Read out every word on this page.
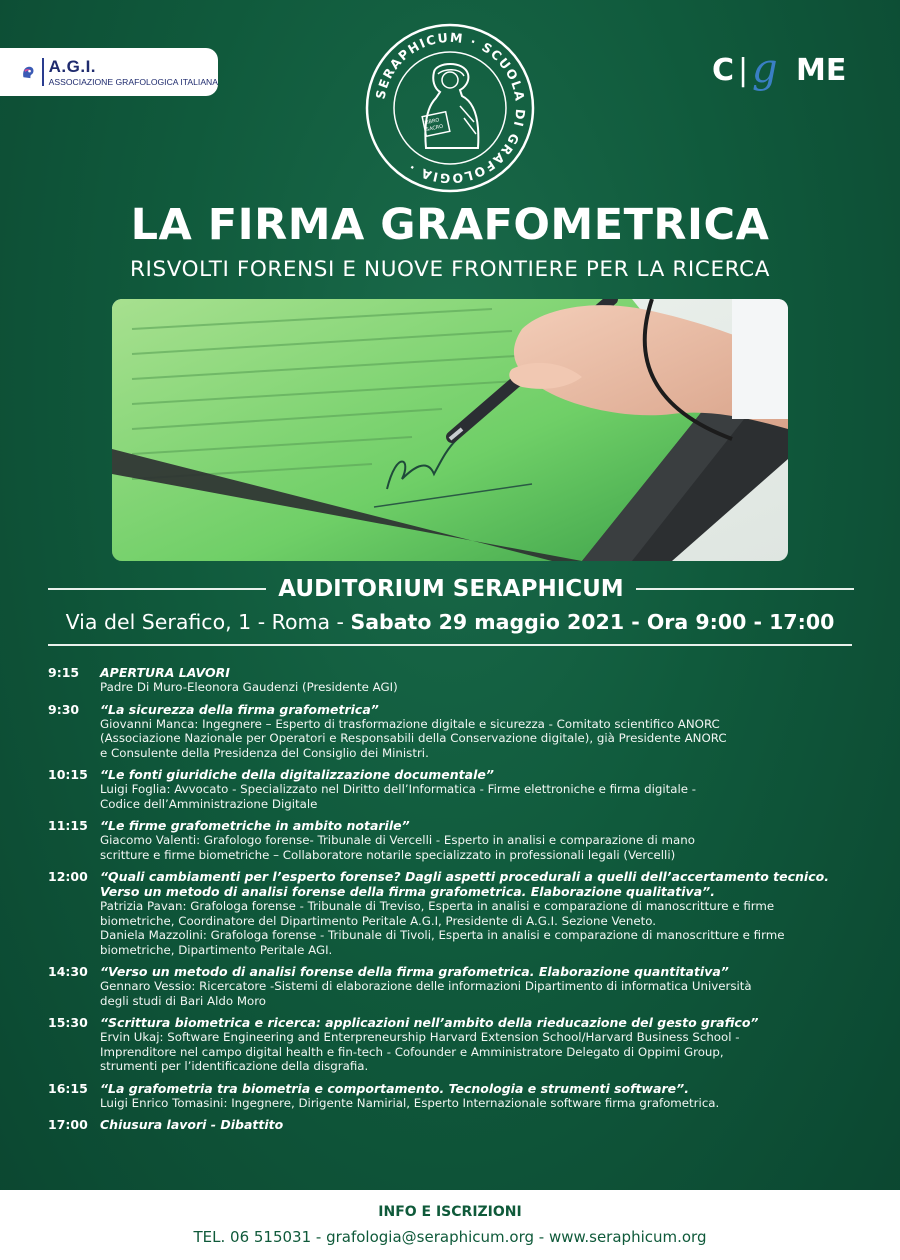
A.G.I.
ASSOCIAZIONE GRAFOLOGICA ITALIANA
SERAPHICUM · SCUOLA DI GRAFOLOGIA ·
LIBRO
SACRO
C | g ME
LA FIRMA GRAFOMETRICA
RISVOLTI FORENSI E NUOVE FRONTIERE PER LA RICERCA
AUDITORIUM SERAPHICUM
Via del Serafico, 1 - Roma - Sabato 29 maggio 2021 - Ora 9:00 - 17:00
9:15	APERTURA LAVORI
Padre Di Muro-Eleonora Gaudenzi (Presidente AGI)
9:30	“La sicurezza della firma grafometrica”
Giovanni Manca: Ingegnere – Esperto di trasformazione digitale e sicurezza - Comitato scientifico ANORC
(Associazione Nazionale per Operatori e Responsabili della Conservazione digitale), già Presidente ANORC
e Consulente della Presidenza del Consiglio dei Ministri.
10:15 “Le fonti giuridiche della digitalizzazione documentale”
Luigi Foglia: Avvocato - Specializzato nel Diritto dell’Informatica - Firme elettroniche e firma digitale -
Codice dell’Amministrazione Digitale
11:15 “Le firme grafometriche in ambito notarile”
Giacomo Valenti: Grafologo forense- Tribunale di Vercelli - Esperto in analisi e comparazione di mano
scritture e firme biometriche – Collaboratore notarile specializzato in professionali legali (Vercelli)
12:00 “Quali cambiamenti per l’esperto forense? Dagli aspetti procedurali a quelli dell’accertamento tecnico.
Verso un metodo di analisi forense della firma grafometrica. Elaborazione qualitativa”.
Patrizia Pavan: Grafologa forense - Tribunale di Treviso, Esperta in analisi e comparazione di manoscritture e firme
biometriche, Coordinatore del Dipartimento Peritale A.G.I, Presidente di A.G.I. Sezione Veneto.
Daniela Mazzolini: Grafologa forense - Tribunale di Tivoli, Esperta in analisi e comparazione di manoscritture e firme
biometriche, Dipartimento Peritale AGI.
14:30 “Verso un metodo di analisi forense della firma grafometrica. Elaborazione quantitativa”
Gennaro Vessio: Ricercatore -Sistemi di elaborazione delle informazioni Dipartimento di informatica Università
degli studi di Bari Aldo Moro
15:30 “Scrittura biometrica e ricerca: applicazioni nell’ambito della rieducazione del gesto grafico”
Ervin Ukaj: Software Engineering and Enterpreneurship Harvard Extension School/Harvard Business School -
Imprenditore nel campo digital health e fin-tech - Cofounder e Amministratore Delegato di Oppimi Group,
strumenti per l’identificazione della disgrafia.
16:15 “La grafometria tra biometria e comportamento. Tecnologia e strumenti software”.
Luigi Enrico Tomasini: Ingegnere, Dirigente Namirial, Esperto Internazionale software firma grafometrica.
17:00 Chiusura lavori - Dibattito
INFO E ISCRIZIONI
TEL. 06 515031 - grafologia@seraphicum.org - www.seraphicum.org
